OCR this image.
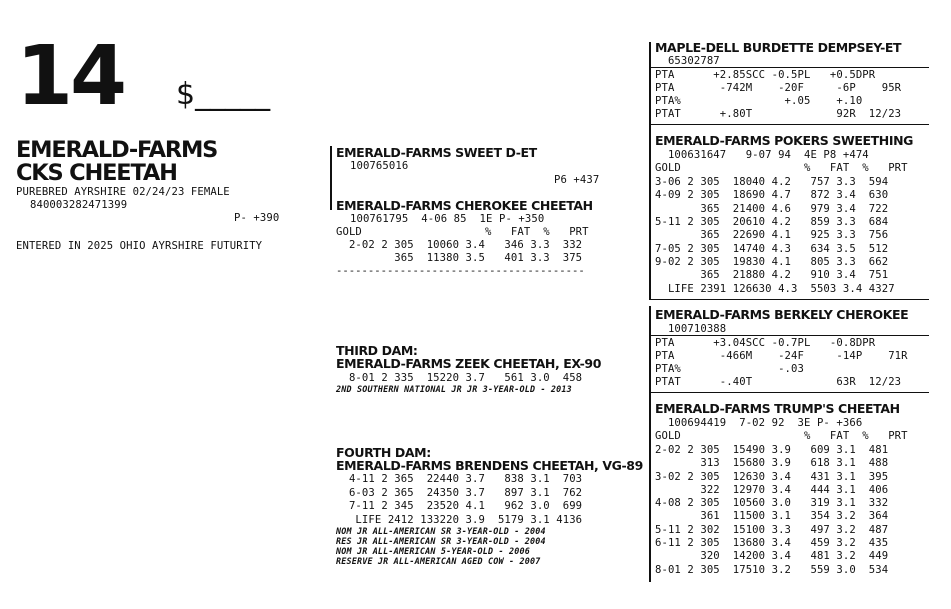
14 $_____
EMERALD-FARMS
CKS CHEETAH
PUREBRED AYRSHIRE 02/24/23 FEMALE
840003282471399
P- +390
ENTERED IN 2025 OHIO AYRSHIRE FUTURITY
EMERALD-FARMS SWEET D-ET
100765016
P6 +437
EMERALD-FARMS CHEROKEE CHEETAH
100761795  4-06 85  1E P- +350
GOLD                   %   FAT  %   PRT
2-02 2 305  10060 3.4   346 3.3  332
365  11380 3.5   401 3.3  375
---------------------------------------
THIRD DAM:
EMERALD-FARMS ZEEK CHEETAH, EX-90
8-01 2 335  15220 3.7   561 3.0  458
2ND SOUTHERN NATIONAL JR JR 3-YEAR-OLD - 2013
FOURTH DAM:
EMERALD-FARMS BRENDENS CHEETAH, VG-89
4-11 2 365  22440 3.7   838 3.1  703
6-03 2 365  24350 3.7   897 3.1  762
7-11 2 345  23520 4.1   962 3.0  699
LIFE 2412 133220 3.9  5179 3.1 4136
NOM JR ALL-AMERICAN SR 3-YEAR-OLD - 2004
RES JR ALL-AMERICAN SR 3-YEAR-OLD - 2004
NOM JR ALL-AMERICAN 5-YEAR-OLD - 2006
RESERVE JR ALL-AMERICAN AGED COW - 2007
MAPLE-DELL BURDETTE DEMPSEY-ET
65302787
PTA      +2.85SCC -0.5PL   +0.5DPR
PTA       -742M    -20F     -6P    95R
PTA%                +.05    +.10
PTAT      +.80T             92R  12/23
EMERALD-FARMS POKERS SWEETHING
100631647   9-07 94  4E P8 +474
GOLD                   %   FAT  %   PRT
3-06 2 305  18040 4.2   757 3.3  594
4-09 2 305  18690 4.7   872 3.4  630
365  21400 4.6   979 3.4  722
5-11 2 305  20610 4.2   859 3.3  684
365  22690 4.1   925 3.3  756
7-05 2 305  14740 4.3   634 3.5  512
9-02 2 305  19830 4.1   805 3.3  662
365  21880 4.2   910 3.4  751
LIFE 2391 126630 4.3  5503 3.4 4327
EMERALD-FARMS BERKELY CHEROKEE
100710388
PTA      +3.04SCC -0.7PL   -0.8DPR
PTA       -466M    -24F     -14P    71R
PTA%               -.03
PTAT      -.40T             63R  12/23
EMERALD-FARMS TRUMP'S CHEETAH
100694419  7-02 92  3E P- +366
GOLD                   %   FAT  %   PRT
2-02 2 305  15490 3.9   609 3.1  481
313  15680 3.9   618 3.1  488
3-02 2 305  12630 3.4   431 3.1  395
322  12970 3.4   444 3.1  406
4-08 2 305  10560 3.0   319 3.1  332
361  11500 3.1   354 3.2  364
5-11 2 302  15100 3.3   497 3.2  487
6-11 2 305  13680 3.4   459 3.2  435
320  14200 3.4   481 3.2  449
8-01 2 305  17510 3.2   559 3.0  534
